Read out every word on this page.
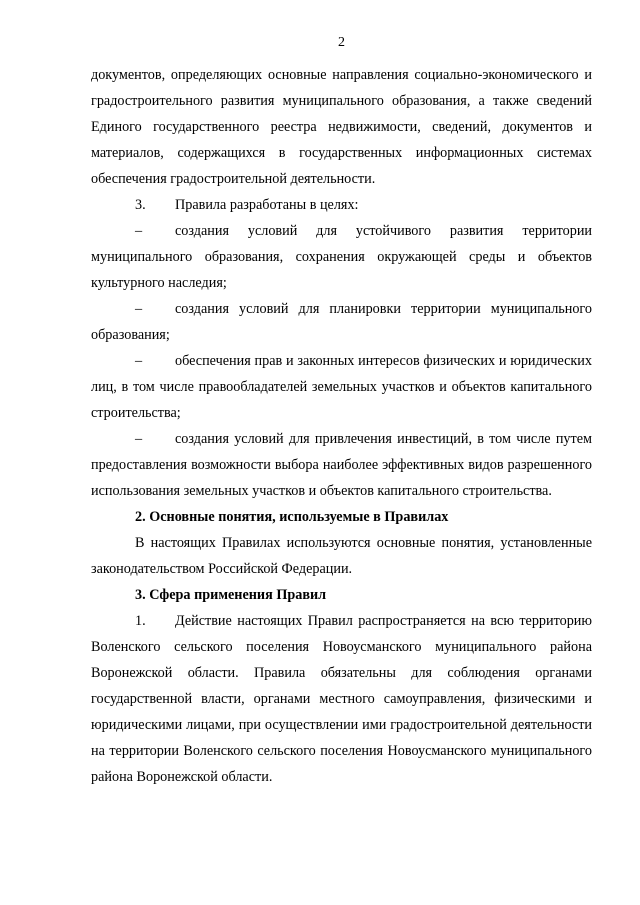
2

документов, определяющих основные направления социально-экономического и градостроительного развития муниципального образования, а также сведений Единого государственного реестра недвижимости, сведений, документов и материалов, содержащихся в государственных информационных системах обеспечения градостроительной деятельности.

3. Правила разработаны в целях:

– создания условий для устойчивого развития территории муниципального образования, сохранения окружающей среды и объектов культурного наследия;

– создания условий для планировки территории муниципального образования;

– обеспечения прав и законных интересов физических и юридических лиц, в том числе правообладателей земельных участков и объектов капитального строительства;

– создания условий для привлечения инвестиций, в том числе путем предоставления возможности выбора наиболее эффективных видов разрешенного использования земельных участков и объектов капитального строительства.

2. Основные понятия, используемые в Правилах

В настоящих Правилах используются основные понятия, установленные законодательством Российской Федерации.

3. Сфера применения Правил

1. Действие настоящих Правил распространяется на всю территорию Воленского сельского поселения Новоусманского муниципального района Воронежской области. Правила обязательны для соблюдения органами государственной власти, органами местного самоуправления, физическими и юридическими лицами, при осуществлении ими градостроительной деятельности на территории Воленского сельского поселения Новоусманского муниципального района Воронежской области.
